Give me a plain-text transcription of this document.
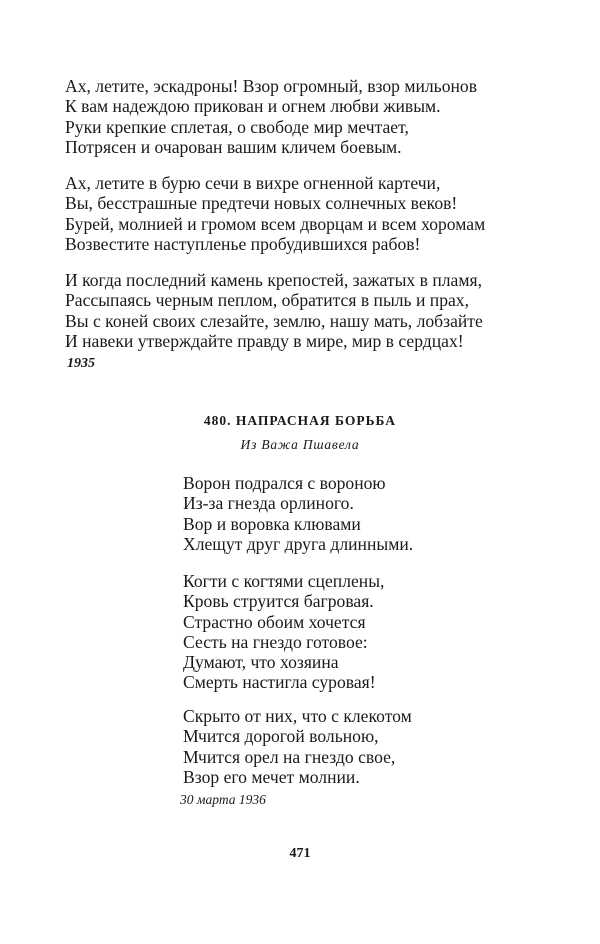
Ах, летите, эскадроны! Взор огромный, взор мильонов
К вам надеждою прикован и огнем любви живым.
Руки крепкие сплетая, о свободе мир мечтает,
Потрясен и очарован вашим кличем боевым.
Ах, летите в бурю сечи в вихре огненной картечи,
Вы, бесстрашные предтечи новых солнечных веков!
Бурей, молнией и громом всем дворцам и всем хоромам
Возвестите наступленье пробудившихся рабов!
И когда последний камень крепостей, зажатых в пламя,
Рассыпаясь черным пеплом, обратится в пыль и прах,
Вы с коней своих слезайте, землю, нашу мать, лобзайте
И навеки утверждайте правду в мире, мир в сердцах!
1935
480. НАПРАСНАЯ БОРЬБА
Из Важа Пшавела
Ворон подрался с вороною
Из-за гнезда орлиного.
Вор и воровка клювами
Хлещут друг друга длинными.
Когти с когтями сцеплены,
Кровь струится багровая.
Страстно обоим хочется
Сесть на гнездо готовое:
Думают, что хозяина
Смерть настигла суровая!
Скрыто от них, что с клекотом
Мчится дорогой вольною,
Мчится орел на гнездо свое,
Взор его мечет молнии.
30 марта 1936
471
